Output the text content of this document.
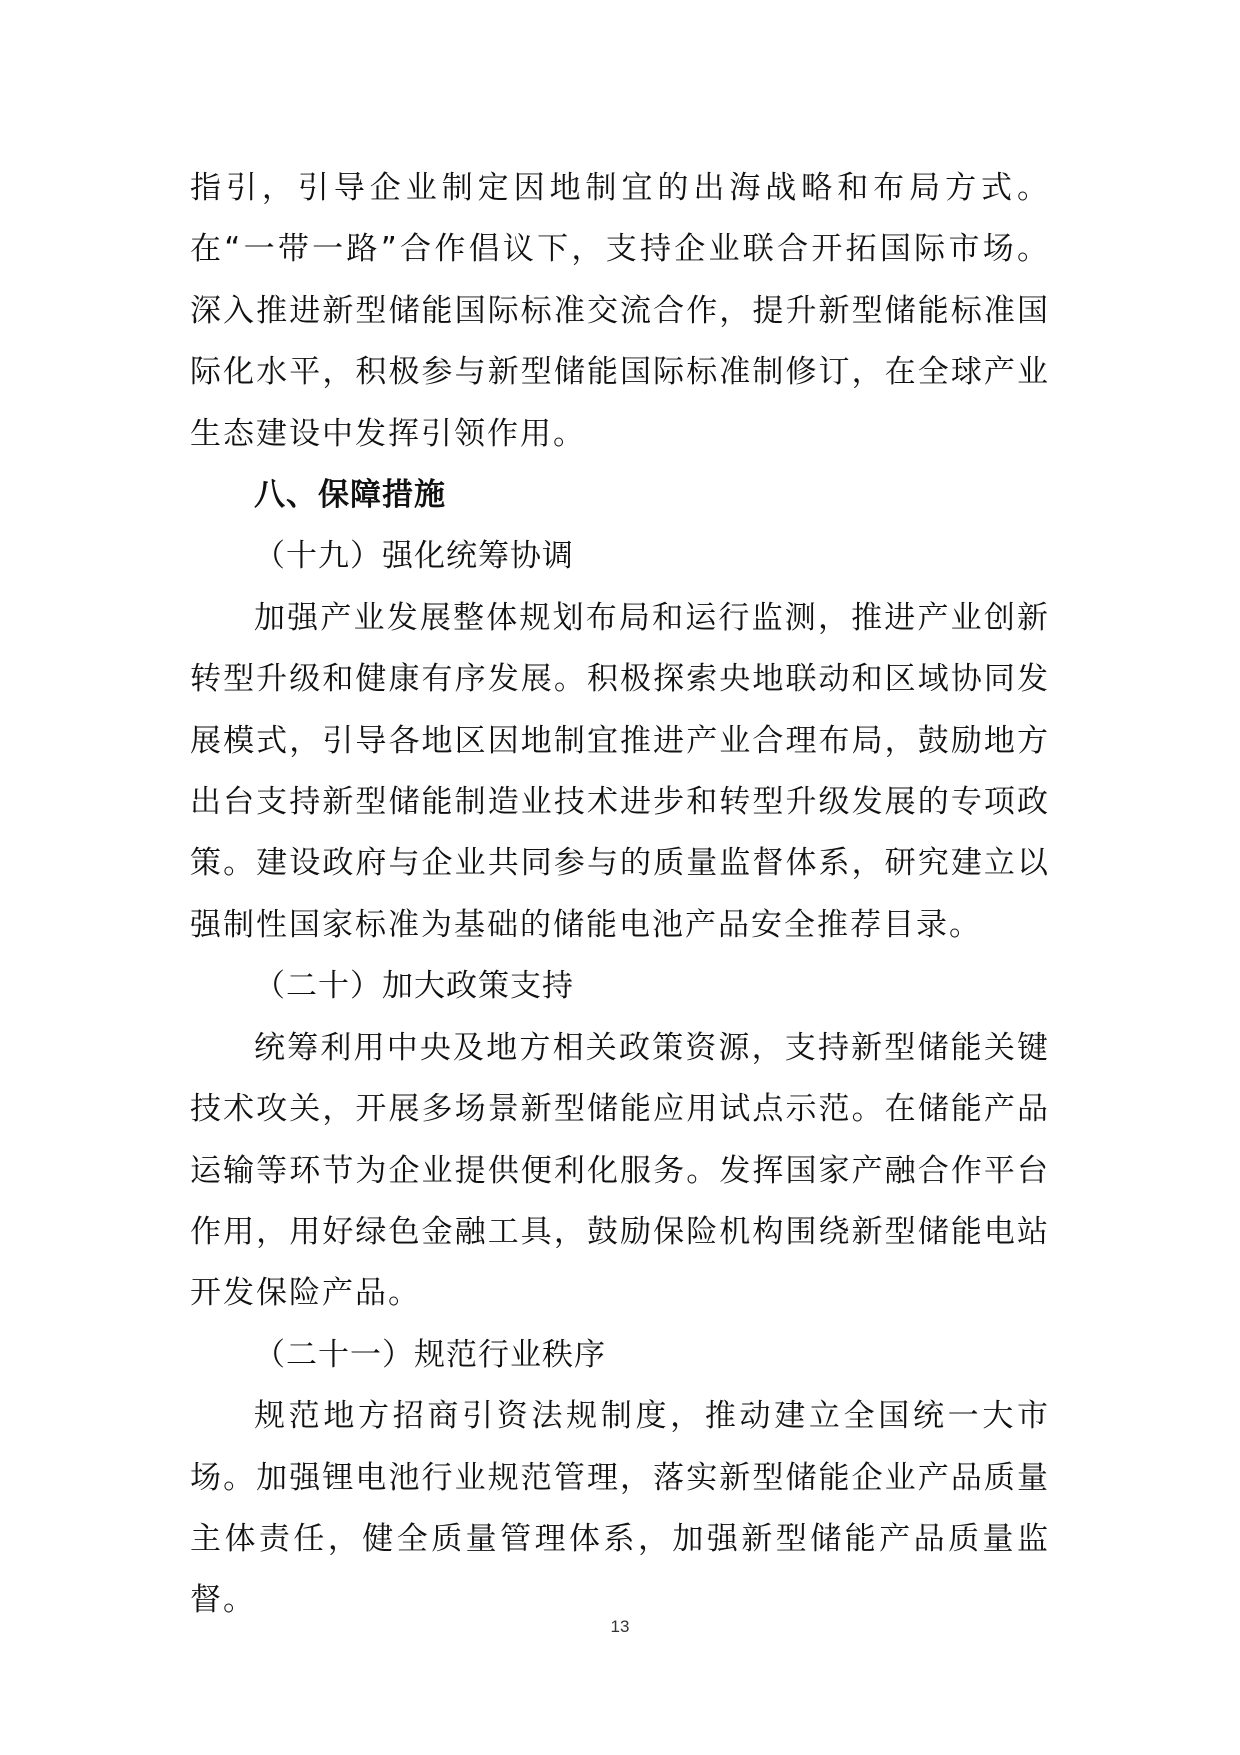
指引，引导企业制定因地制宜的出海战略和布局方式。在“一带一路”合作倡议下，支持企业联合开拓国际市场。深入推进新型储能国际标准交流合作，提升新型储能标准国际化水平，积极参与新型储能国际标准制修订，在全球产业生态建设中发挥引领作用。

八、保障措施

（十九）强化统筹协调

加强产业发展整体规划布局和运行监测，推进产业创新转型升级和健康有序发展。积极探索央地联动和区域协同发展模式，引导各地区因地制宜推进产业合理布局，鼓励地方出台支持新型储能制造业技术进步和转型升级发展的专项政策。建设政府与企业共同参与的质量监督体系，研究建立以强制性国家标准为基础的储能电池产品安全推荐目录。

（二十）加大政策支持

统筹利用中央及地方相关政策资源，支持新型储能关键技术攻关，开展多场景新型储能应用试点示范。在储能产品运输等环节为企业提供便利化服务。发挥国家产融合作平台作用，用好绿色金融工具，鼓励保险机构围绕新型储能电站开发保险产品。

（二十一）规范行业秩序

规范地方招商引资法规制度，推动建立全国统一大市场。加强锂电池行业规范管理，落实新型储能企业产品质量主体责任，健全质量管理体系，加强新型储能产品质量监督。

13
